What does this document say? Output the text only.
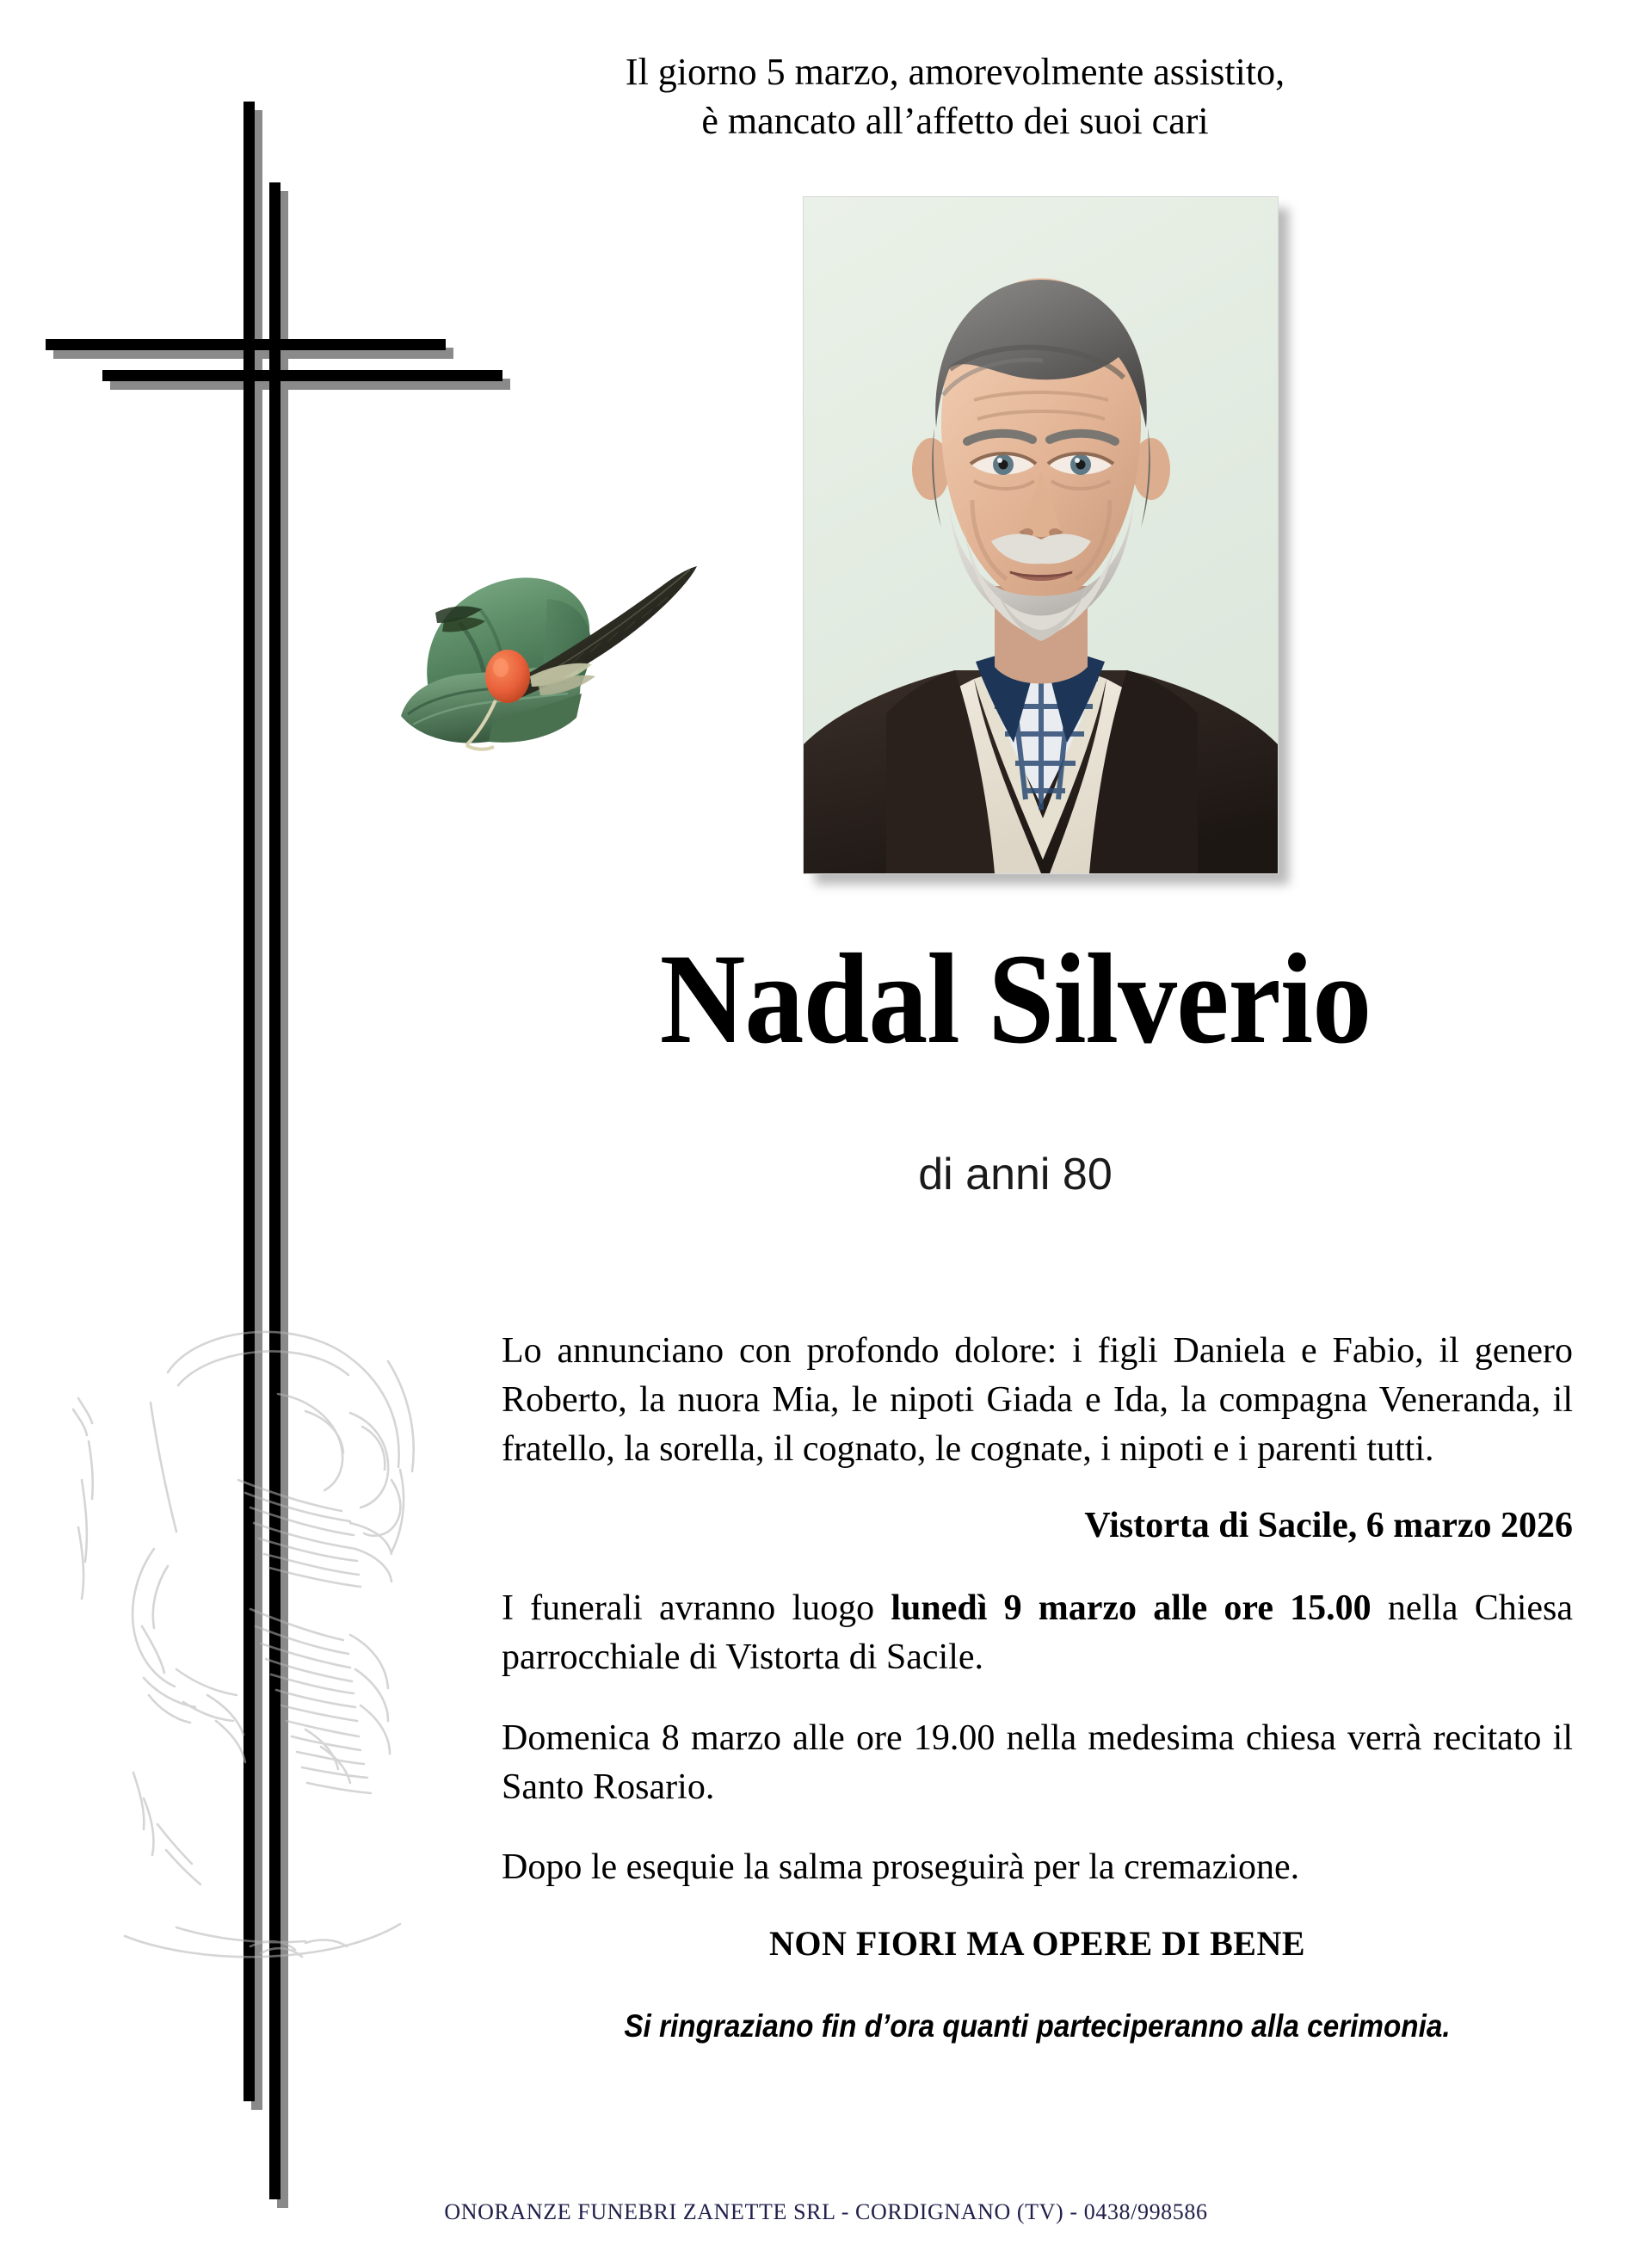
Il giorno 5 marzo, amorevolmente assistito,
è mancato all’affetto dei suoi cari
Nadal Silverio
di anni 80

Lo annunciano con profondo dolore: i figli Daniela e Fabio, il genero Roberto, la nuora Mia, le nipoti Giada e Ida, la compagna Veneranda, il fratello, la sorella, il cognato, le cognate, i nipoti e i parenti tutti.

Vistorta di Sacile, 6 marzo 2026

I funerali avranno luogo lunedì 9 marzo alle ore 15.00 nella Chiesa parrocchiale di Vistorta di Sacile.

Domenica 8 marzo alle ore 19.00 nella medesima chiesa verrà recitato il Santo Rosario.

Dopo le esequie la salma proseguirà per la cremazione.

NON FIORI MA OPERE DI BENE

Si ringraziano fin d’ora quanti parteciperanno alla cerimonia.

ONORANZE FUNEBRI ZANETTE SRL - CORDIGNANO (TV) - 0438/998586
